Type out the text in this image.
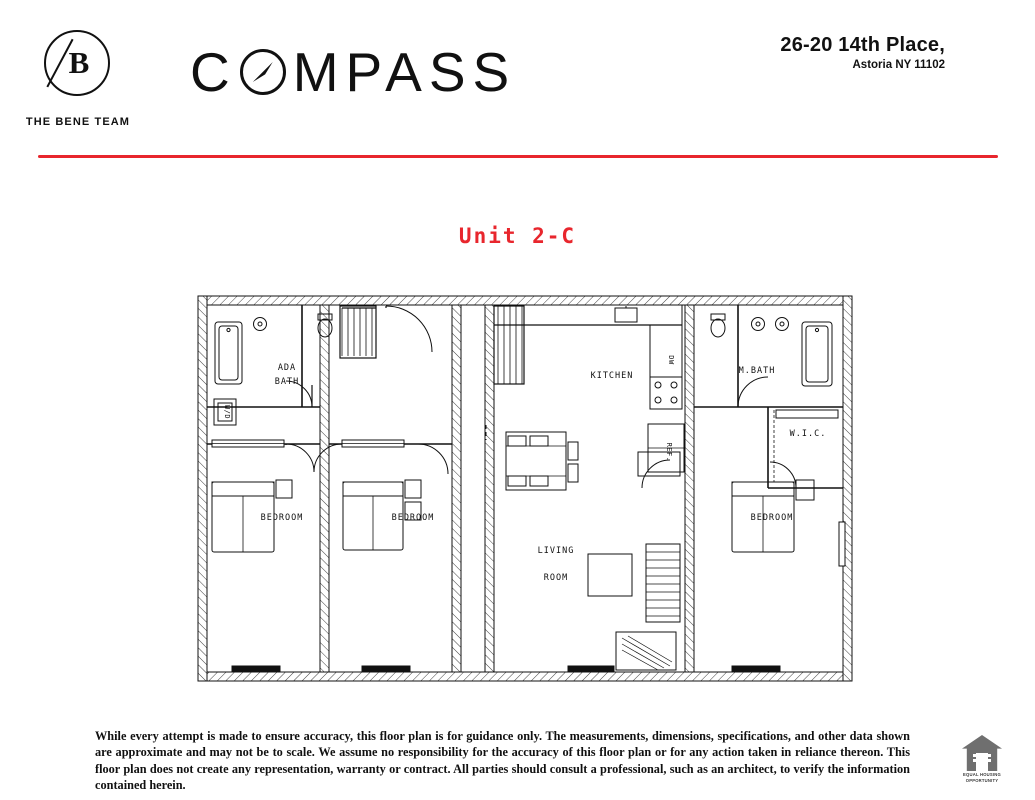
B
THE BENE TEAM
C MPASS	26-20 14th Place,
Astoria NY 11102
Unit 2-C
ADA
BATH
KITCHEN	M.BATH
W.I.C.
BEDROOM	BEDROOM
LIVING
ROOM
BEDROOM
DW
REF.
W/D
While every attempt is made to ensure accuracy, this floor plan is for guidance only. The measurements, dimensions, specifications, and other data shown are approximate and may not be to scale. We assume no responsibility for the accuracy of this floor plan or for any action taken in reliance thereon. This floor plan does not create any representation, warranty or contract. All parties should consult a professional, such as an architect, to verify the information contained herein.
EQUAL HOUSING
OPPORTUNITY
